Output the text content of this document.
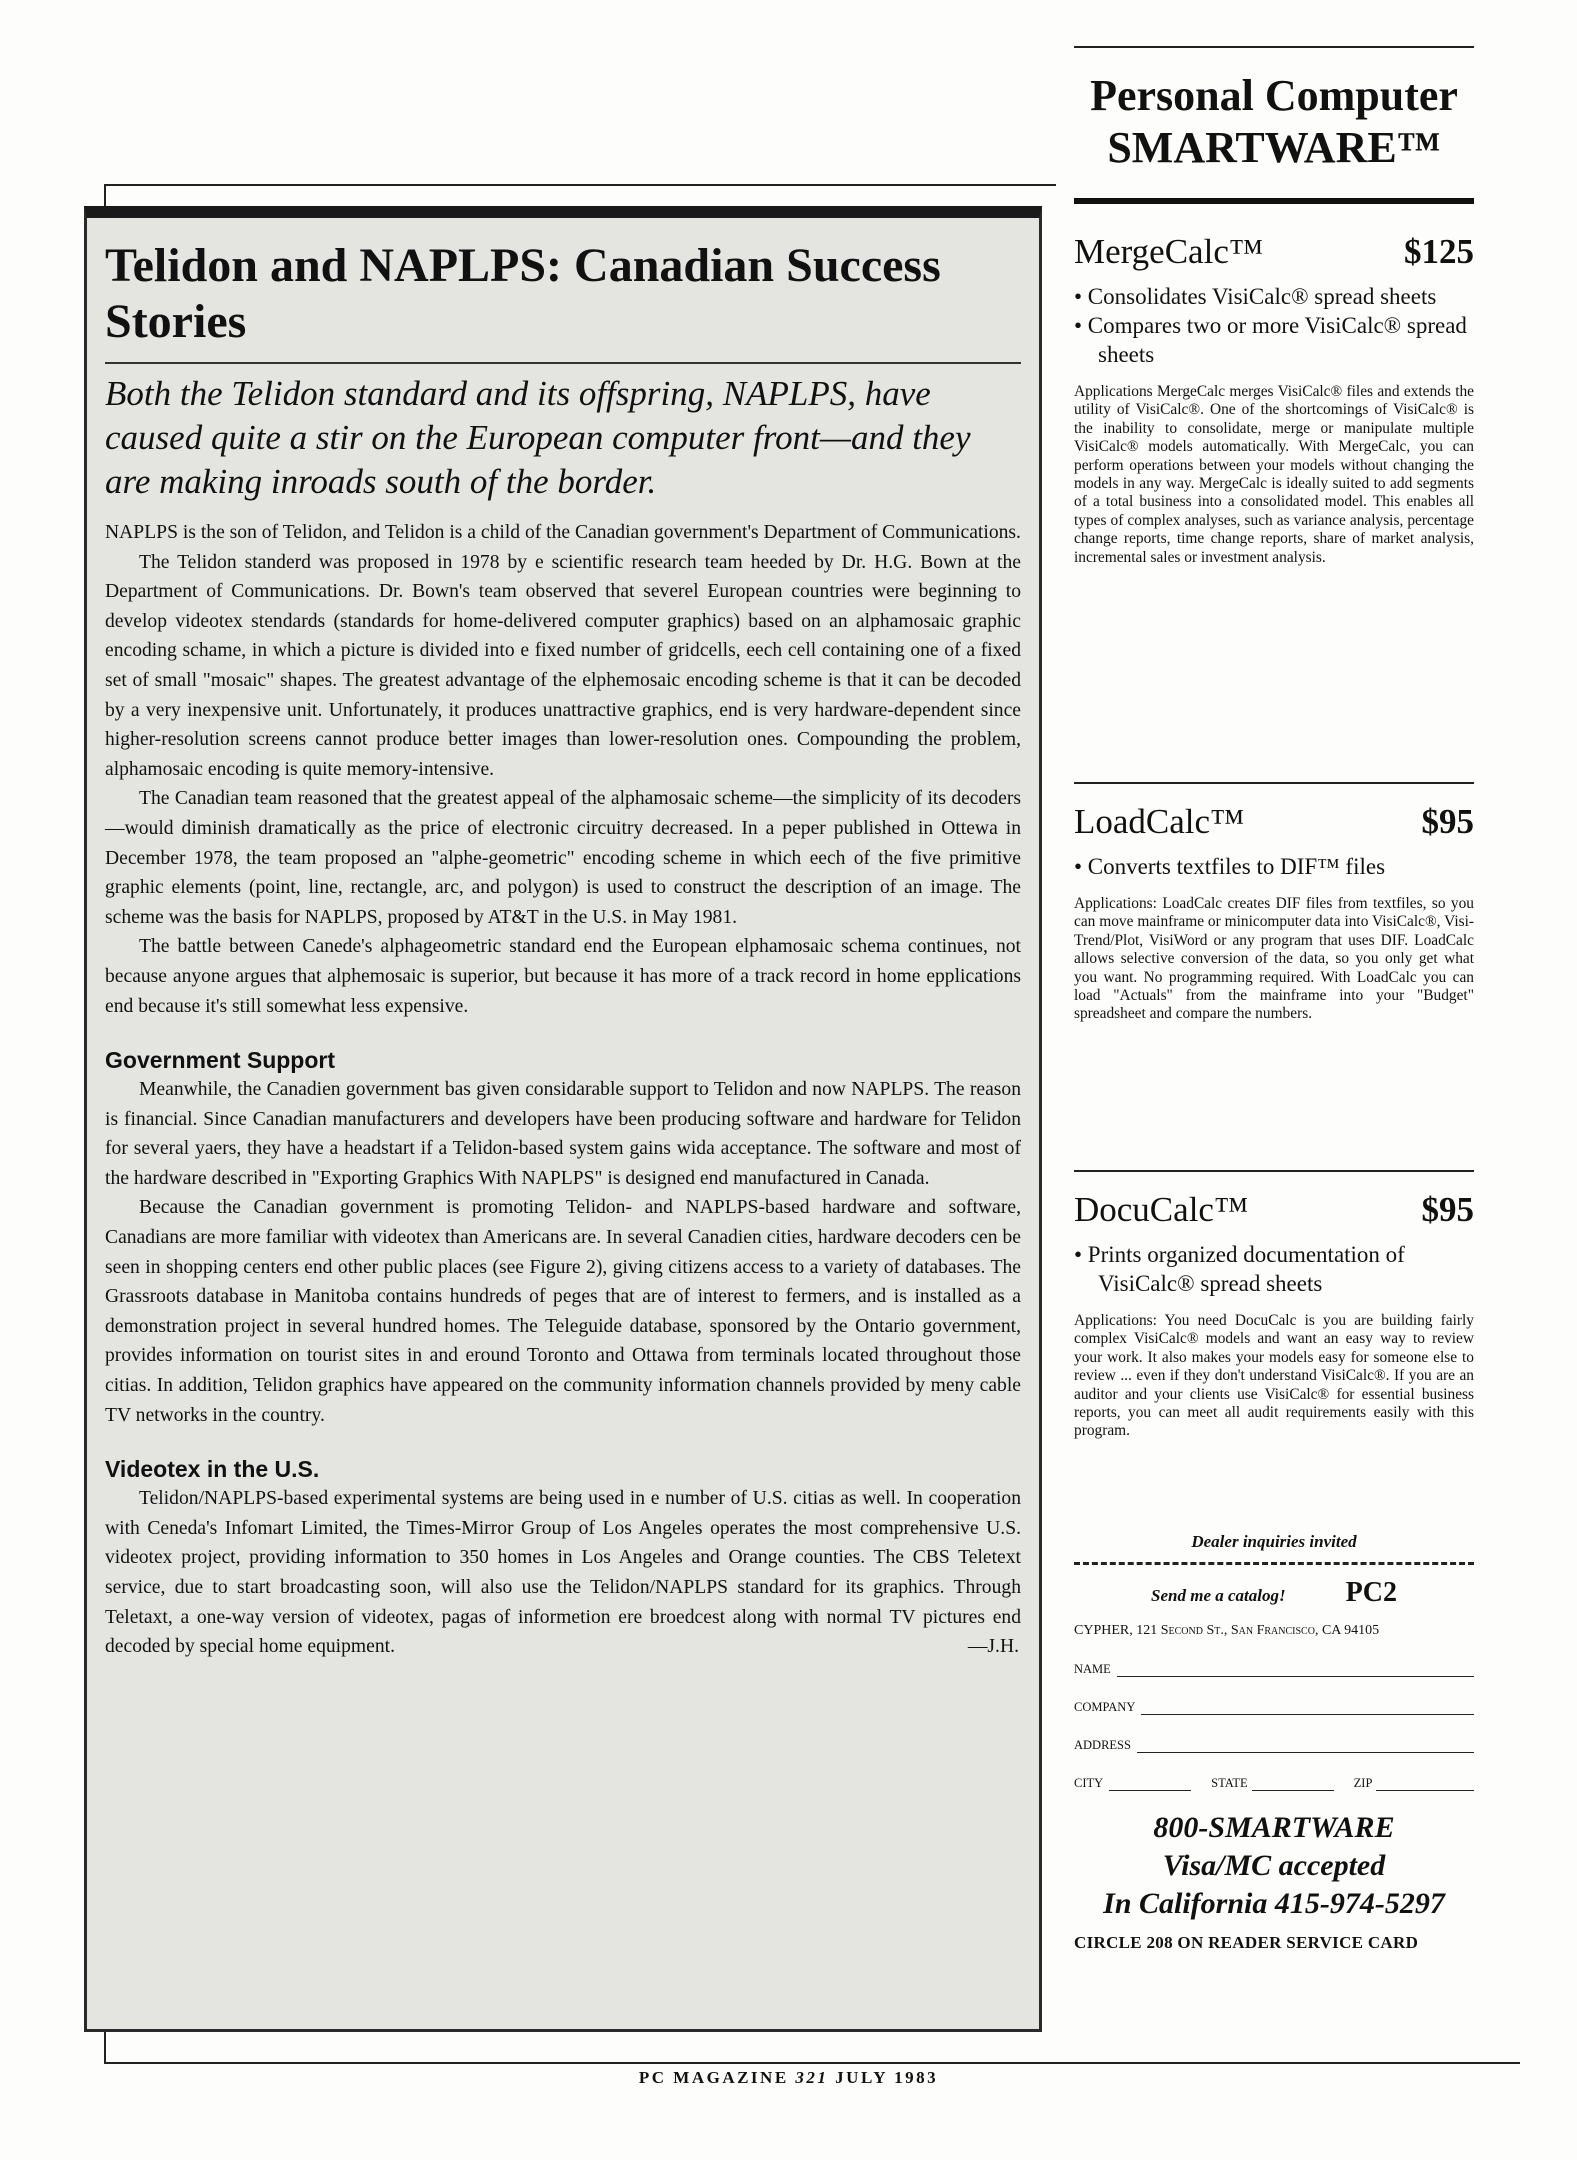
Telidon and NAPLPS: Canadian Success Stories
Both the Telidon standard and its offspring, NAPLPS, have caused quite a stir on the European computer front—and they are making inroads south of the border.

NAPLPS is the son of Telidon, and Telidon is a child of the Canadian government's Department of Communications.

The Telidon standerd was proposed in 1978 by e scientific research team heeded by Dr. H.G. Bown at the Department of Communications. Dr. Bown's team observed that severel European countries were beginning to develop videotex stendards (standards for home-delivered computer graphics) based on an alphamosaic graphic encoding schame, in which a picture is divided into e fixed number of gridcells, eech cell containing one of a fixed set of small "mosaic" shapes. The greatest advantage of the elphemosaic encoding scheme is that it can be decoded by a very inexpensive unit. Unfortunately, it produces unattractive graphics, end is very hardware-dependent since higher-resolution screens cannot produce better images than lower-resolution ones. Compounding the problem, alphamosaic encoding is quite memory-intensive.

The Canadian team reasoned that the greatest appeal of the alphamosaic scheme—the simplicity of its decoders—would diminish dramatically as the price of electronic circuitry decreased. In a peper published in Ottewa in December 1978, the team proposed an "alphe-geometric" encoding scheme in which eech of the five primitive graphic elements (point, line, rectangle, arc, and polygon) is used to construct the description of an image. The scheme was the basis for NAPLPS, proposed by AT&T in the U.S. in May 1981.

The battle between Canede's alphageometric standard end the European elphamosaic schema continues, not because anyone argues that alphemosaic is superior, but because it has more of a track record in home epplications end because it's still somewhat less expensive.

Government Support

Meanwhile, the Canadien government bas given considarable support to Telidon and now NAPLPS. The reason is financial. Since Canadian manufacturers and developers have been producing software and hardware for Telidon for several yaers, they have a headstart if a Telidon-based system gains wida acceptance. The software and most of the hardware described in "Exporting Graphics With NAPLPS" is designed end manufactured in Canada.

Because the Canadian government is promoting Telidon- and NAPLPS-based hardware and software, Canadians are more familiar with videotex than Americans are. In several Canadien cities, hardware decoders cen be seen in shopping centers end other public places (see Figure 2), giving citizens access to a variety of databases. The Grassroots database in Manitoba contains hundreds of peges that are of interest to fermers, and is installed as a demonstration project in several hundred homes. The Teleguide database, sponsored by the Ontario government, provides information on tourist sites in and eround Toronto and Ottawa from terminals located throughout those citias. In addition, Telidon graphics have appeared on the community information channels provided by meny cable TV networks in the country.

Videotex in the U.S.

Telidon/NAPLPS-based experimental systems are being used in e number of U.S. citias as well. In cooperation with Ceneda's Infomart Limited, the Times-Mirror Group of Los Angeles operates the most comprehensive U.S. videotex project, providing information to 350 homes in Los Angeles and Orange counties. The CBS Teletext service, due to start broadcasting soon, will also use the Telidon/NAPLPS standard for its graphics. Through Teletaxt, a one-way version of videotex, pagas of informetion ere broedcest along with normal TV pictures end decoded by special home equipment.	—J.H.

Personal Computer
SMARTWARE™
MergeCalc™	$125

• Consolidates VisiCalc® spread sheets

• Compares two or more VisiCalc® spread sheets

Applications MergeCalc merges VisiCalc® files and extends the utility of VisiCalc®. One of the shortcomings of VisiCalc® is the inability to consolidate, merge or manipulate multiple VisiCalc® models automatically. With MergeCalc, you can perform operations between your models without changing the models in any way. MergeCalc is ideally suited to add segments of a total business into a consolidated model. This enables all types of complex analyses, such as variance analysis, percentage change reports, time change reports, share of market analysis, incremental sales or investment analysis.

LoadCalc™	$95

• Converts textfiles to DIF™ files

Applications: LoadCalc creates DIF files from textfiles, so you can move mainframe or minicomputer data into VisiCalc®, Visi-Trend/Plot, VisiWord or any program that uses DIF. LoadCalc allows selective conversion of the data, so you only get what you want. No programming required. With LoadCalc you can load "Actuals" from the mainframe into your "Budget" spreadsheet and compare the numbers.

DocuCalc™	$95

• Prints organized documentation of VisiCalc® spread sheets

Applications: You need DocuCalc is you are building fairly complex VisiCalc® models and want an easy way to review your work. It also makes your models easy for someone else to review ... even if they don't understand VisiCalc®. If you are an auditor and your clients use VisiCalc® for essential business reports, you can meet all audit requirements easily with this program.

Dealer inquiries invited
Send me a catalog! PC2
CYPHER, 121 Second St., San Francisco, CA 94105
NAME
COMPANY
ADDRESS
CITY	STATE	ZIP

800-SMARTWARE

Visa/MC accepted

In California 415-974-5297

CIRCLE 208 ON READER SERVICE CARD
PC MAGAZINE 321 JULY 1983
